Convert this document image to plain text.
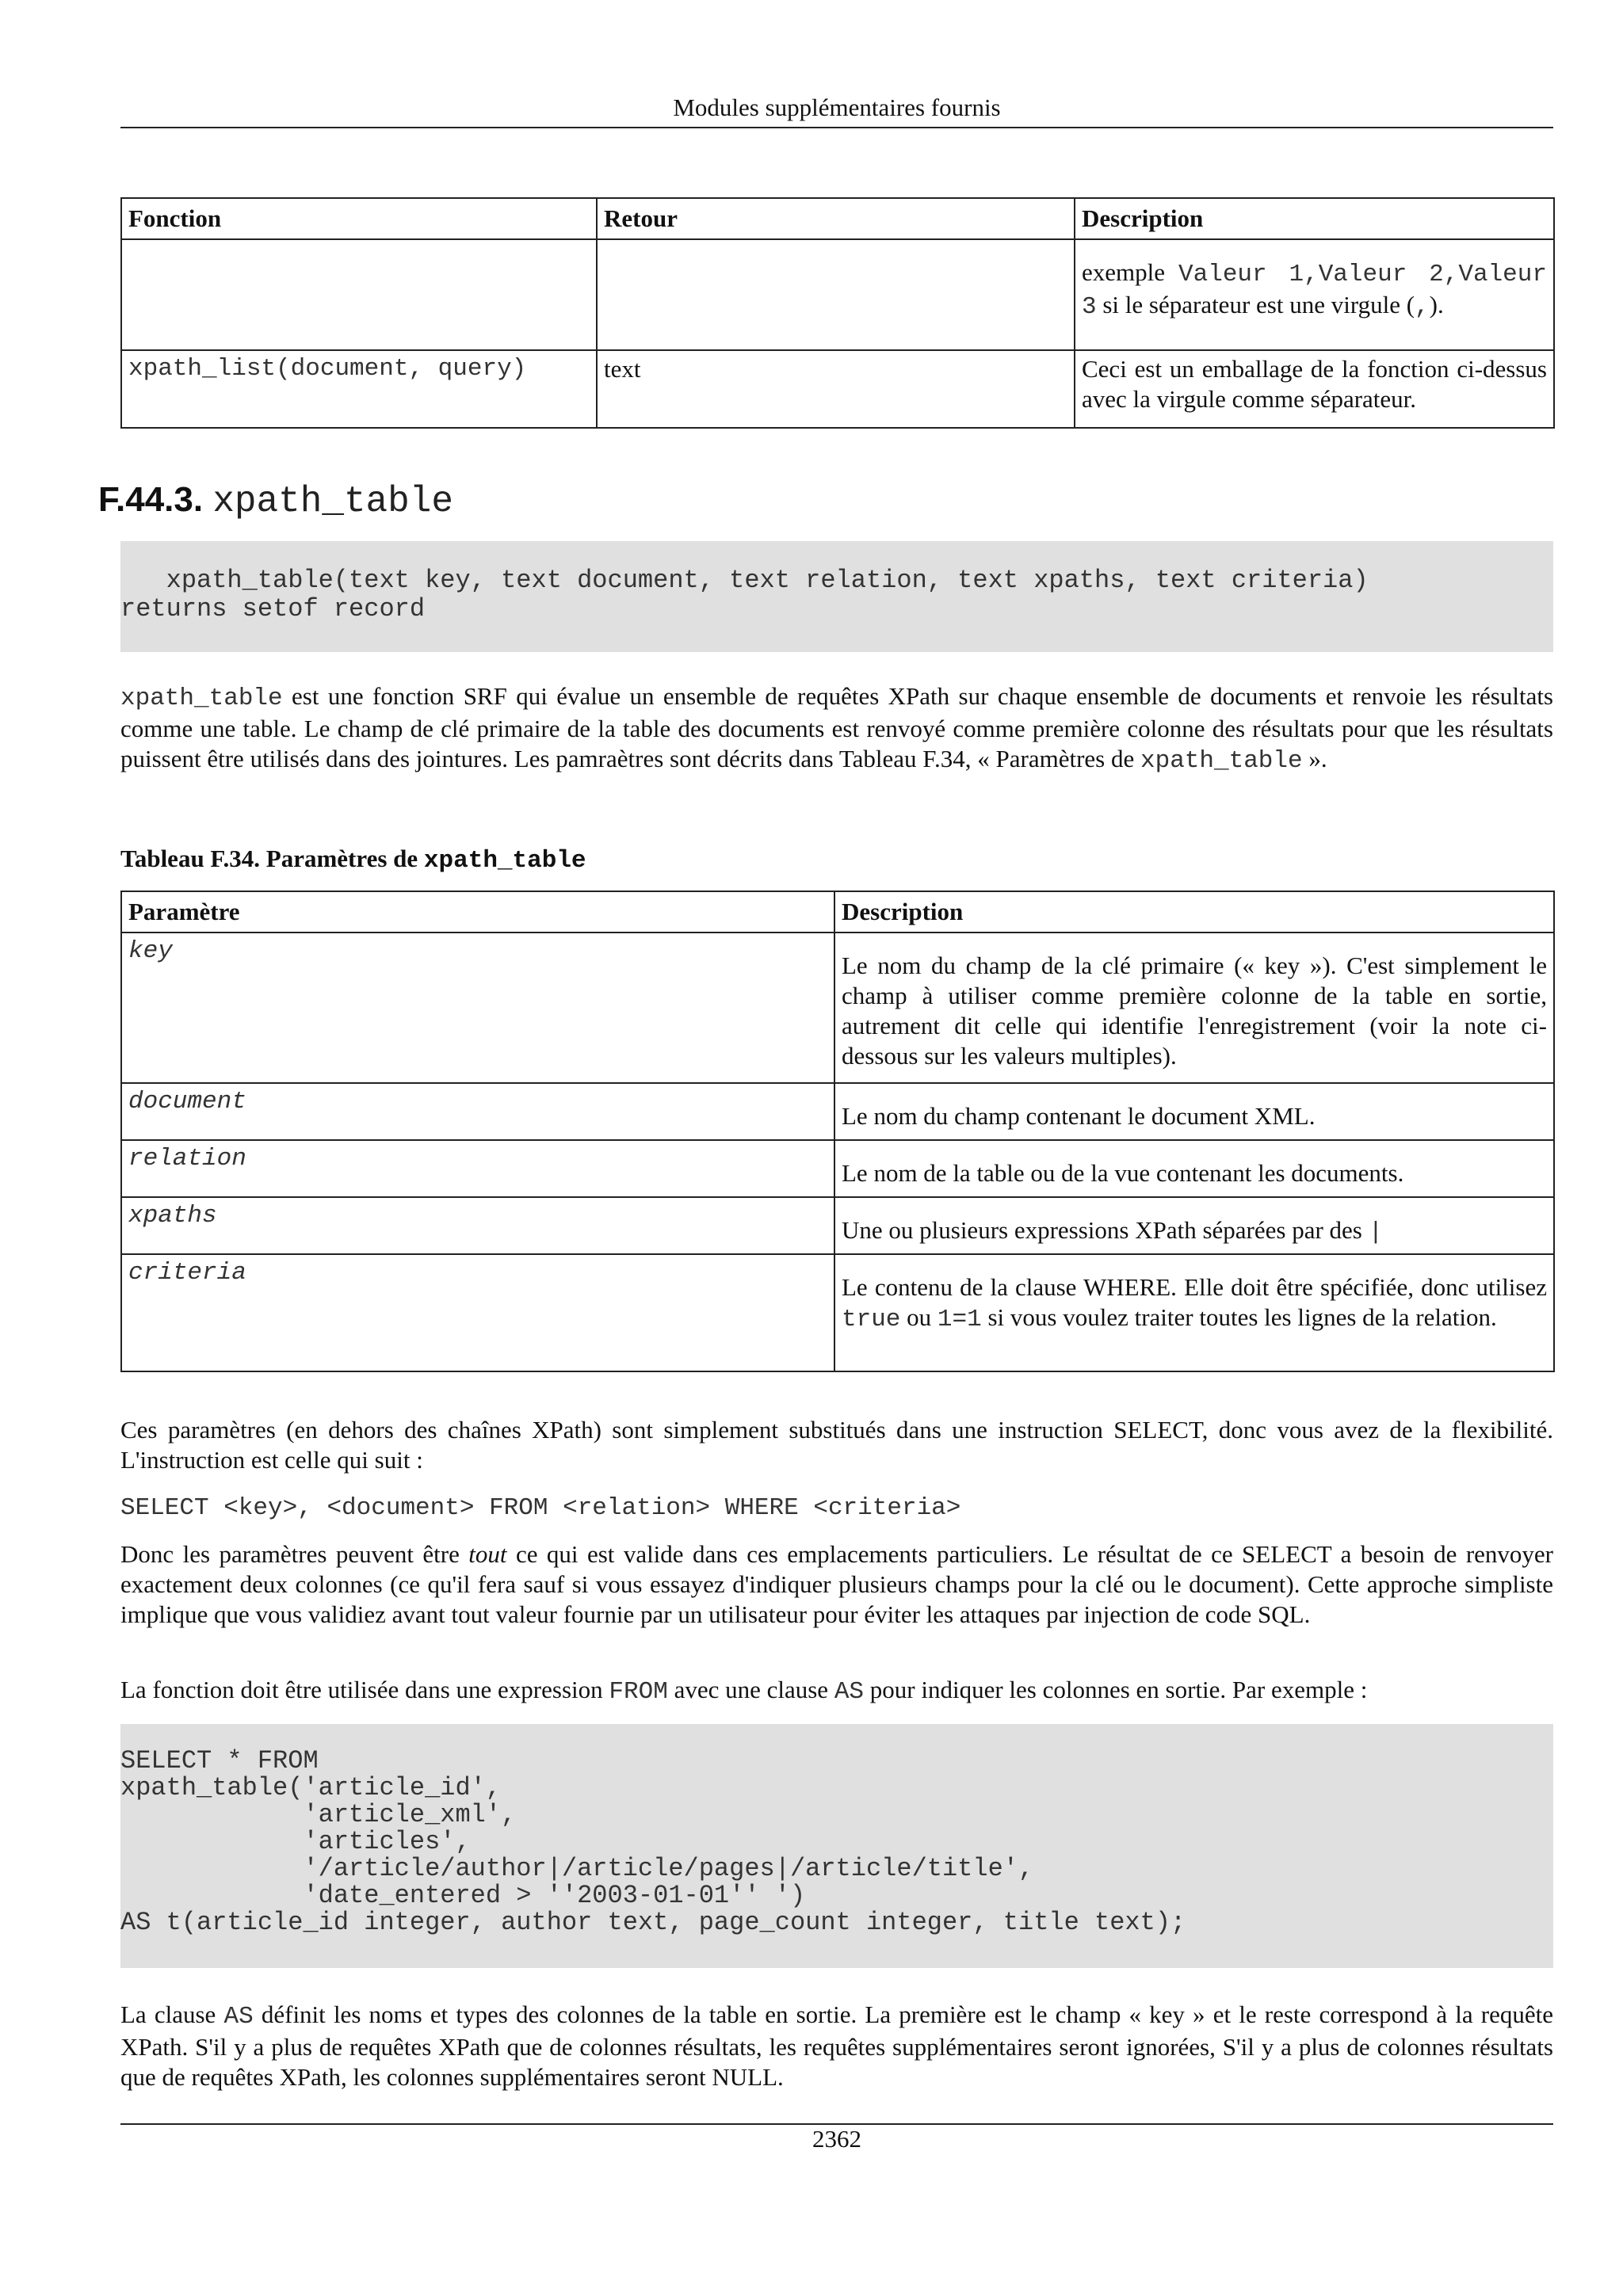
Modules supplémentaires fournis
Fonction	Retour	Description
		exemple Valeur 1,Valeur 2,Valeur 3 si le séparateur est une virgule (,).
xpath_list(document, query)	text	Ceci est un emballage de la fonction ci-dessus avec la virgule comme séparateur.
F.44.3. xpath_table
xpath_table(text key, text document, text relation, text xpaths, text criteria)
returns setof record
xpath_table est une fonction SRF qui évalue un ensemble de requêtes XPath sur chaque ensemble de documents et renvoie les résultats comme une table. Le champ de clé primaire de la table des documents est renvoyé comme première colonne des résultats pour que les résultats puissent être utilisés dans des jointures. Les pamraètres sont décrits dans Tableau F.34, « Paramètres de xpath_table ».
Tableau F.34. Paramètres de xpath_table
Paramètre	Description
key	Le nom du champ de la clé primaire (« key »). C'est simplement le champ à utiliser comme première colonne de la table en sortie, autrement dit celle qui identifie l'enregistrement (voir la note ci-dessous sur les valeurs multiples).
document	Le nom du champ contenant le document XML.
relation	Le nom de la table ou de la vue contenant les documents.
xpaths	Une ou plusieurs expressions XPath séparées par des |
criteria	Le contenu de la clause WHERE. Elle doit être spécifiée, donc utilisez true ou 1=1 si vous voulez traiter toutes les lignes de la relation.
Ces paramètres (en dehors des chaînes XPath) sont simplement substitués dans une instruction SELECT, donc vous avez de la flexibilité. L'instruction est celle qui suit :
SELECT <key>, <document> FROM <relation> WHERE <criteria>
Donc les paramètres peuvent être tout ce qui est valide dans ces emplacements particuliers. Le résultat de ce SELECT a besoin de renvoyer exactement deux colonnes (ce qu'il fera sauf si vous essayez d'indiquer plusieurs champs pour la clé ou le document). Cette approche simpliste implique que vous validiez avant tout valeur fournie par un utilisateur pour éviter les attaques par injection de code SQL.
La fonction doit être utilisée dans une expression FROM avec une clause AS pour indiquer les colonnes en sortie. Par exemple :
SELECT * FROM
xpath_table('article_id',
'article_xml',
'articles',
'/article/author|/article/pages|/article/title',
'date_entered > ''2003-01-01'' ')
AS t(article_id integer, author text, page_count integer, title text);
La clause AS définit les noms et types des colonnes de la table en sortie. La première est le champ « key » et le reste correspond à la requête XPath. S'il y a plus de requêtes XPath que de colonnes résultats, les requêtes supplémentaires seront ignorées, S'il y a plus de colonnes résultats que de requêtes XPath, les colonnes supplémentaires seront NULL.
2362
